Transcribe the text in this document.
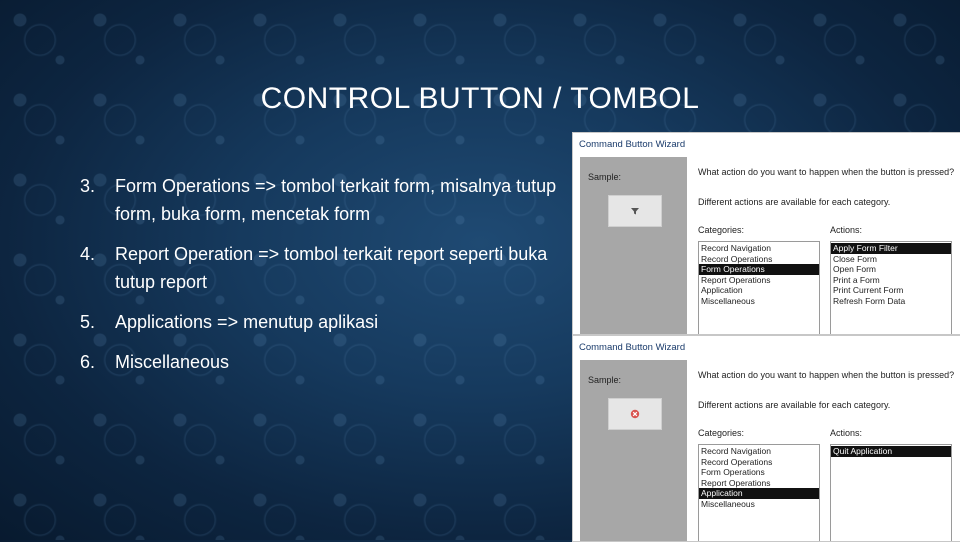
CONTROL BUTTON / TOMBOL
3.	Form Operations => tombol terkait form, misalnya tutup form, buka form, mencetak form
4.	Report Operation => tombol terkait report seperti buka tutup report
5.	Applications => menutup aplikasi
6.	Miscellaneous
Command Button Wizard
Sample:	What action do you want to happen when the button is pressed?
Different actions are available for each category.
Categories:	Actions:
Record Navigation
Record Operations
Form Operations
Report Operations
Application
Miscellaneous
Apply Form Filter
Close Form
Open Form
Print a Form
Print Current Form
Refresh Form Data
Command Button Wizard
Sample:	What action do you want to happen when the button is pressed?
Different actions are available for each category.
Categories:	Actions:
Record Navigation
Record Operations
Form Operations
Report Operations
Application
Miscellaneous
Quit Application
